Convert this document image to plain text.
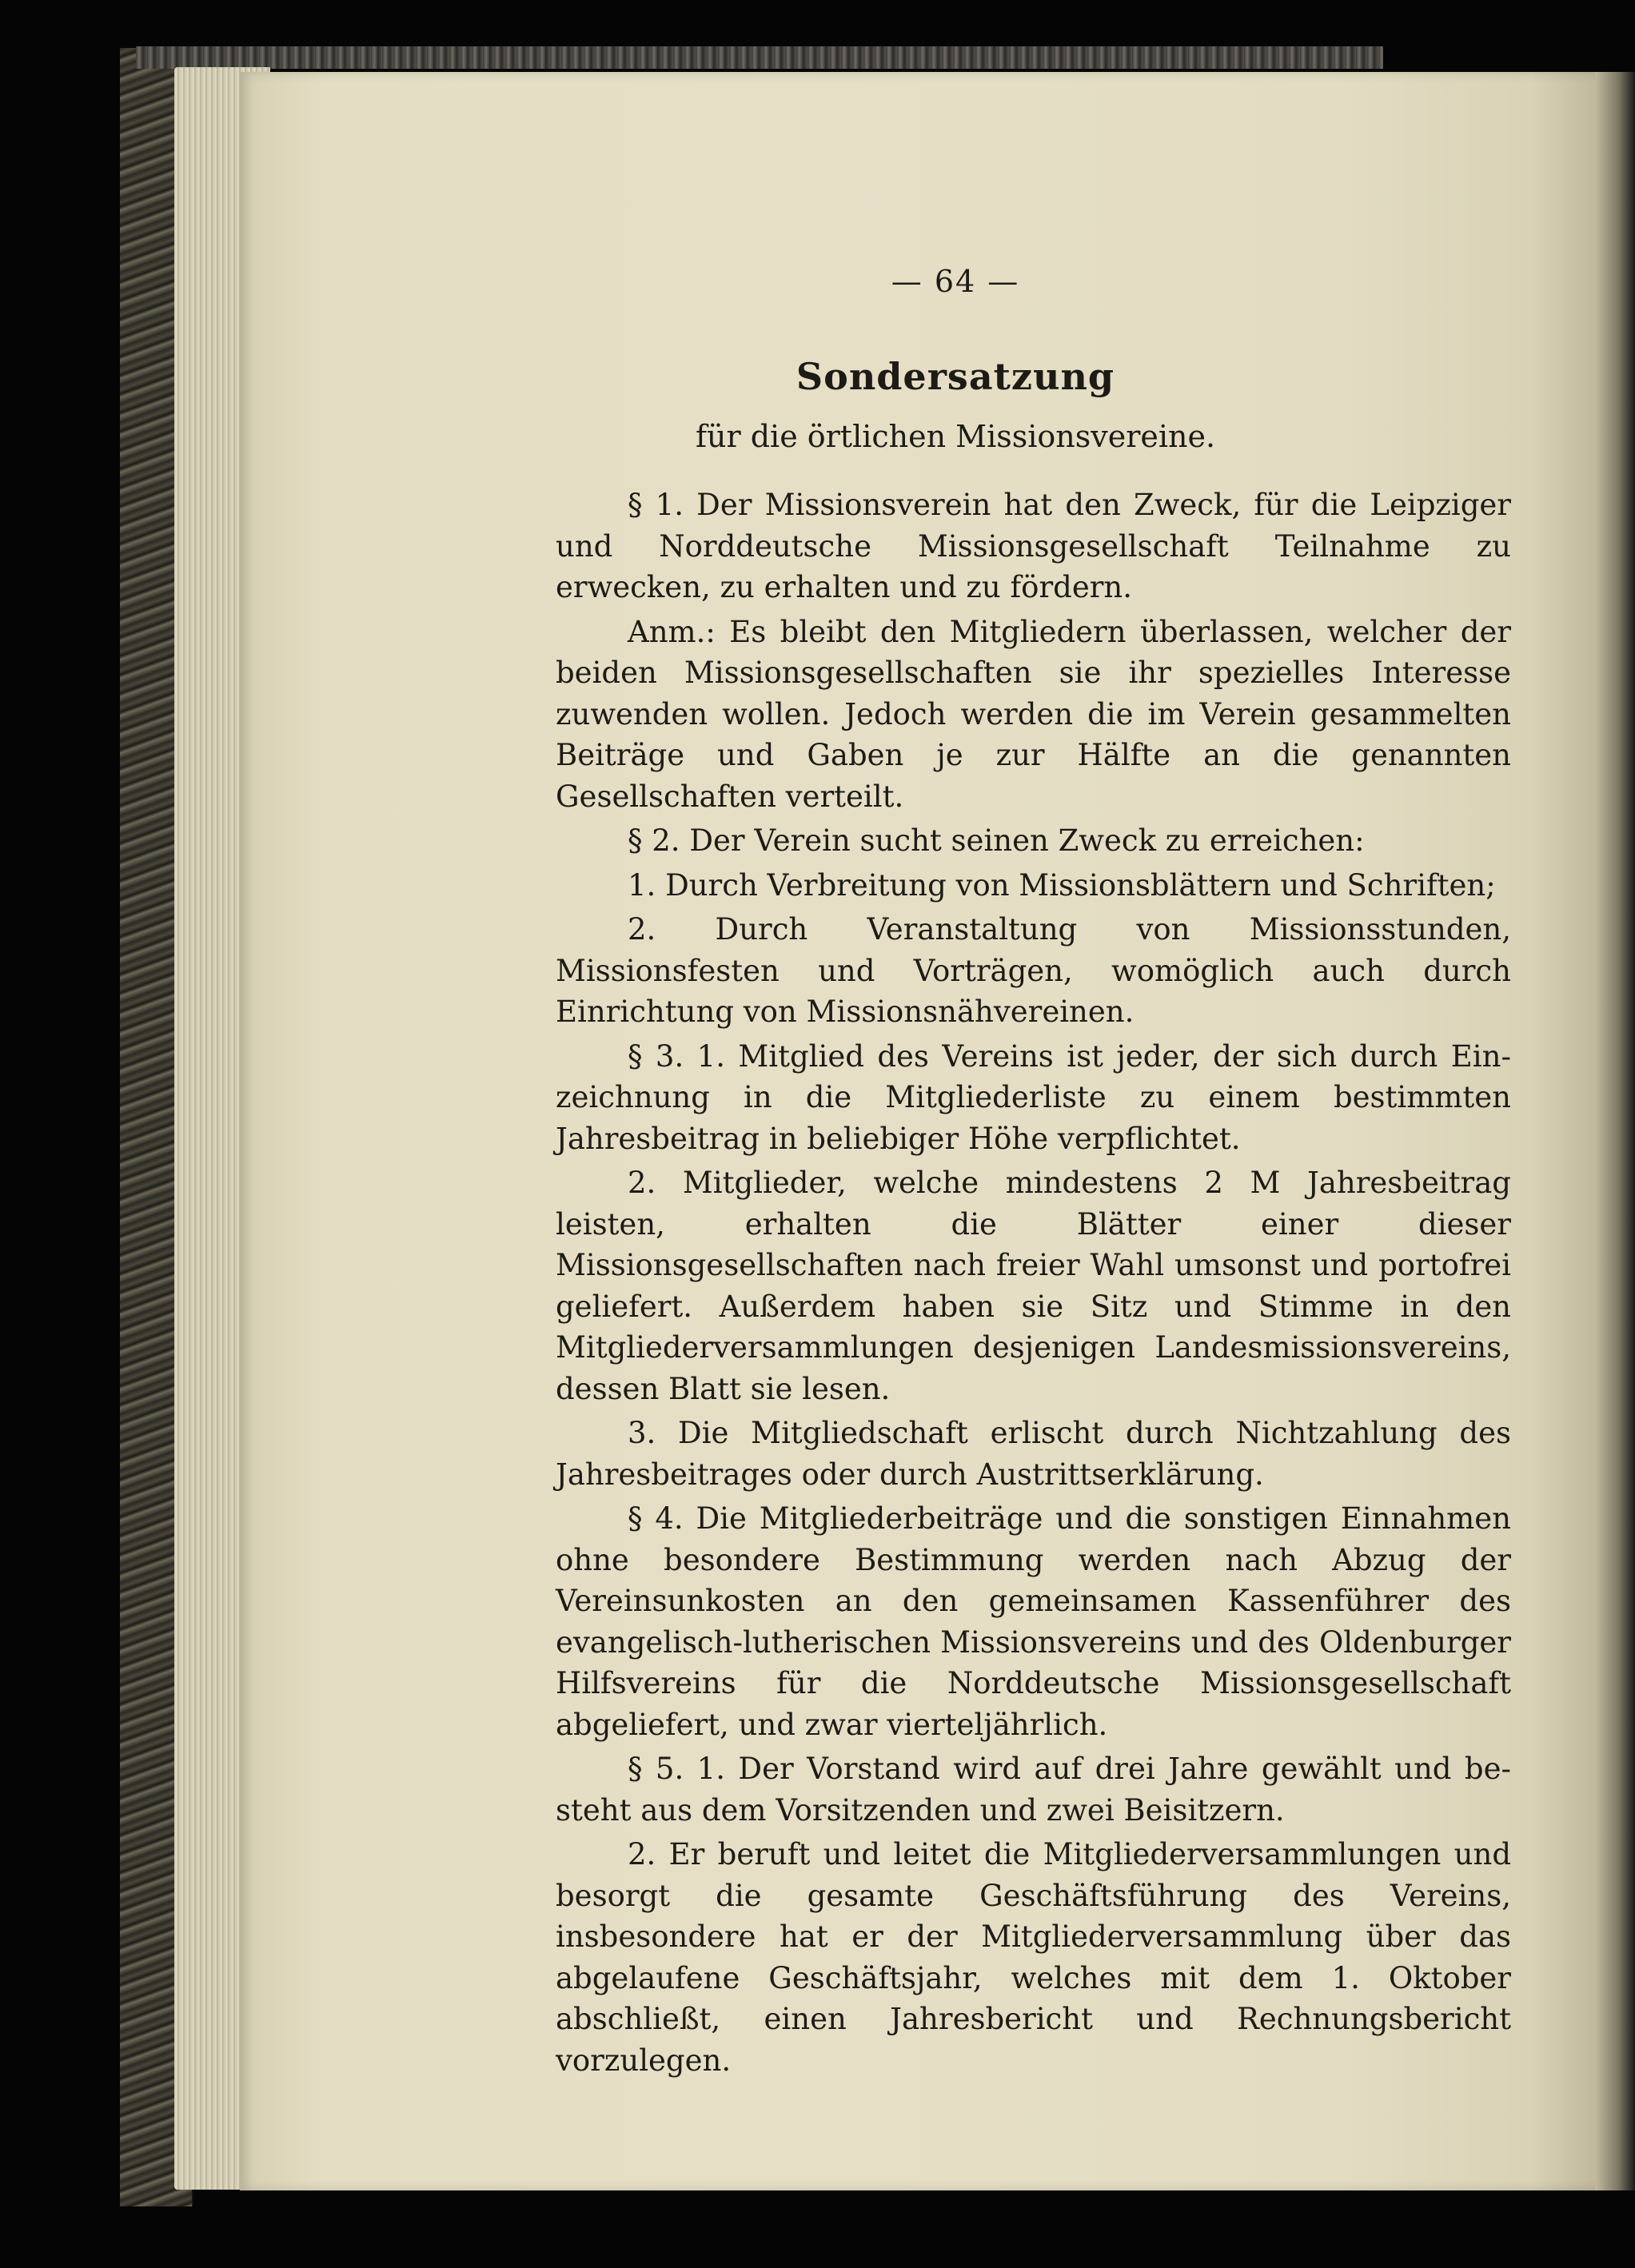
— 64 —
Sondersatzung
für die örtlichen Missionsvereine.

§ 1. Der Missionsverein hat den Zweck, für die Leipziger und Norddeutsche Missionsgesellschaft Teilnahme zu erwecken, zu erhalten und zu fördern.

Anm.: Es bleibt den Mitgliedern überlassen, welcher der beiden Missionsgesellschaften sie ihr spezielles Interesse zuwenden wollen. Jedoch werden die im Verein gesammelten Beiträge und Gaben je zur Hälfte an die genannten Gesellschaften verteilt.

§ 2. Der Verein sucht seinen Zweck zu erreichen:

1. Durch Verbreitung von Missionsblättern und Schriften;

2. Durch Veranstaltung von Missionsstunden, Missionsfesten und Vorträgen, womöglich auch durch Einrichtung von Missionsnähvereinen.

§ 3. 1. Mitglied des Vereins ist jeder, der sich durch Einzeichnung in die Mitgliederliste zu einem bestimmten Jahresbeitrag in beliebiger Höhe verpflichtet.

2. Mitglieder, welche mindestens 2 M Jahresbeitrag leisten, erhalten die Blätter einer dieser Missionsgesellschaften nach freier Wahl umsonst und portofrei geliefert. Außerdem haben sie Sitz und Stimme in den Mitgliederversammlungen desjenigen Landesmissionsvereins, dessen Blatt sie lesen.

3. Die Mitgliedschaft erlischt durch Nichtzahlung des Jahresbeitrages oder durch Austrittserklärung.

§ 4. Die Mitgliederbeiträge und die sonstigen Einnahmen ohne besondere Bestimmung werden nach Abzug der Vereinsunkosten an den gemeinsamen Kassenführer des evangelisch-lutherischen Missionsvereins und des Oldenburger Hilfsvereins für die Norddeutsche Missionsgesellschaft abgeliefert, und zwar vierteljährlich.

§ 5. 1. Der Vorstand wird auf drei Jahre gewählt und besteht aus dem Vorsitzenden und zwei Beisitzern.

2. Er beruft und leitet die Mitgliederversammlungen und besorgt die gesamte Geschäftsführung des Vereins, insbesondere hat er der Mitgliederversammlung über das abgelaufene Geschäftsjahr, welches mit dem 1. Oktober abschließt, einen Jahresbericht und Rechnungsbericht vorzulegen.
